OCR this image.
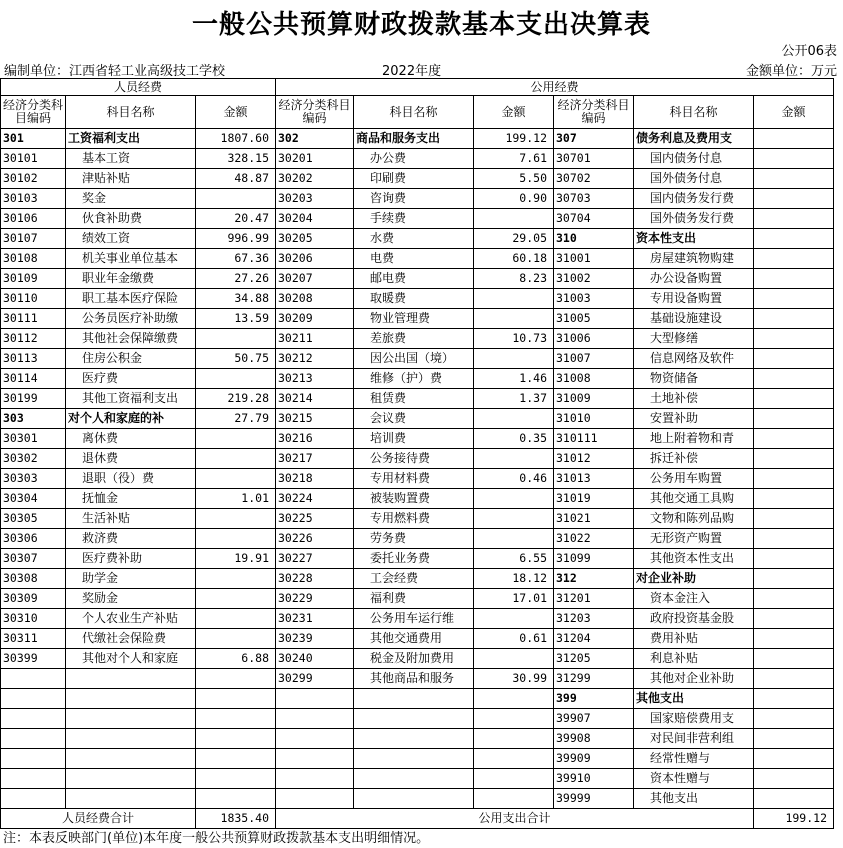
一般公共预算财政拨款基本支出决算表
公开06表
编制单位：江西省轻工业高级技工学校	2022年度	金额单位：万元
人员经费			公用经费					
经济分类科目编码	科目名称	金额	经济分类科目编码	科目名称	金额	经济分类科目编码	科目名称	金额
301	工资福利支出	1807.60	302	商品和服务支出	199.12	307	债务利息及费用支	
30101	基本工资	328.15	30201	办公费	7.61	30701	国内债务付息	
30102	津贴补贴	48.87	30202	印刷费	5.50	30702	国外债务付息	
30103	奖金		30203	咨询费	0.90	30703	国内债务发行费	
30106	伙食补助费	20.47	30204	手续费		30704	国外债务发行费	
30107	绩效工资	996.99	30205	水费	29.05	310	资本性支出	
30108	机关事业单位基本	67.36	30206	电费	60.18	31001	房屋建筑物购建	
30109	职业年金缴费	27.26	30207	邮电费	8.23	31002	办公设备购置	
30110	职工基本医疗保险	34.88	30208	取暖费		31003	专用设备购置	
30111	公务员医疗补助缴	13.59	30209	物业管理费		31005	基础设施建设	
30112	其他社会保障缴费		30211	差旅费	10.73	31006	大型修缮	
30113	住房公积金	50.75	30212	因公出国（境）		31007	信息网络及软件	
30114	医疗费		30213	维修（护）费	1.46	31008	物资储备	
30199	其他工资福利支出	219.28	30214	租赁费	1.37	31009	土地补偿	
303	对个人和家庭的补	27.79	30215	会议费		31010	安置补助	
30301	离休费		30216	培训费	0.35	310111	地上附着物和青	
30302	退休费		30217	公务接待费		31012	拆迁补偿	
30303	退职（役）费		30218	专用材料费	0.46	31013	公务用车购置	
30304	抚恤金	1.01	30224	被装购置费		31019	其他交通工具购	
30305	生活补贴		30225	专用燃料费		31021	文物和陈列品购	
30306	救济费		30226	劳务费		31022	无形资产购置	
30307	医疗费补助	19.91	30227	委托业务费	6.55	31099	其他资本性支出	
30308	助学金		30228	工会经费	18.12	312	对企业补助	
30309	奖励金		30229	福利费	17.01	31201	资本金注入	
30310	个人农业生产补贴		30231	公务用车运行维		31203	政府投资基金股	
30311	代缴社会保险费		30239	其他交通费用	0.61	31204	费用补贴	
30399	其他对个人和家庭	6.88	30240	税金及附加费用		31205	利息补贴	
			30299	其他商品和服务	30.99	31299	其他对企业补助	
						399	其他支出	
						39907	国家赔偿费用支	
						39908	对民间非营利组	
						39909	经常性赠与	
						39910	资本性赠与	
						39999	其他支出	
人员经费合计		1835.40	公用支出合计					199.12
注：本表反映部门(单位)本年度一般公共预算财政拨款基本支出明细情况。
